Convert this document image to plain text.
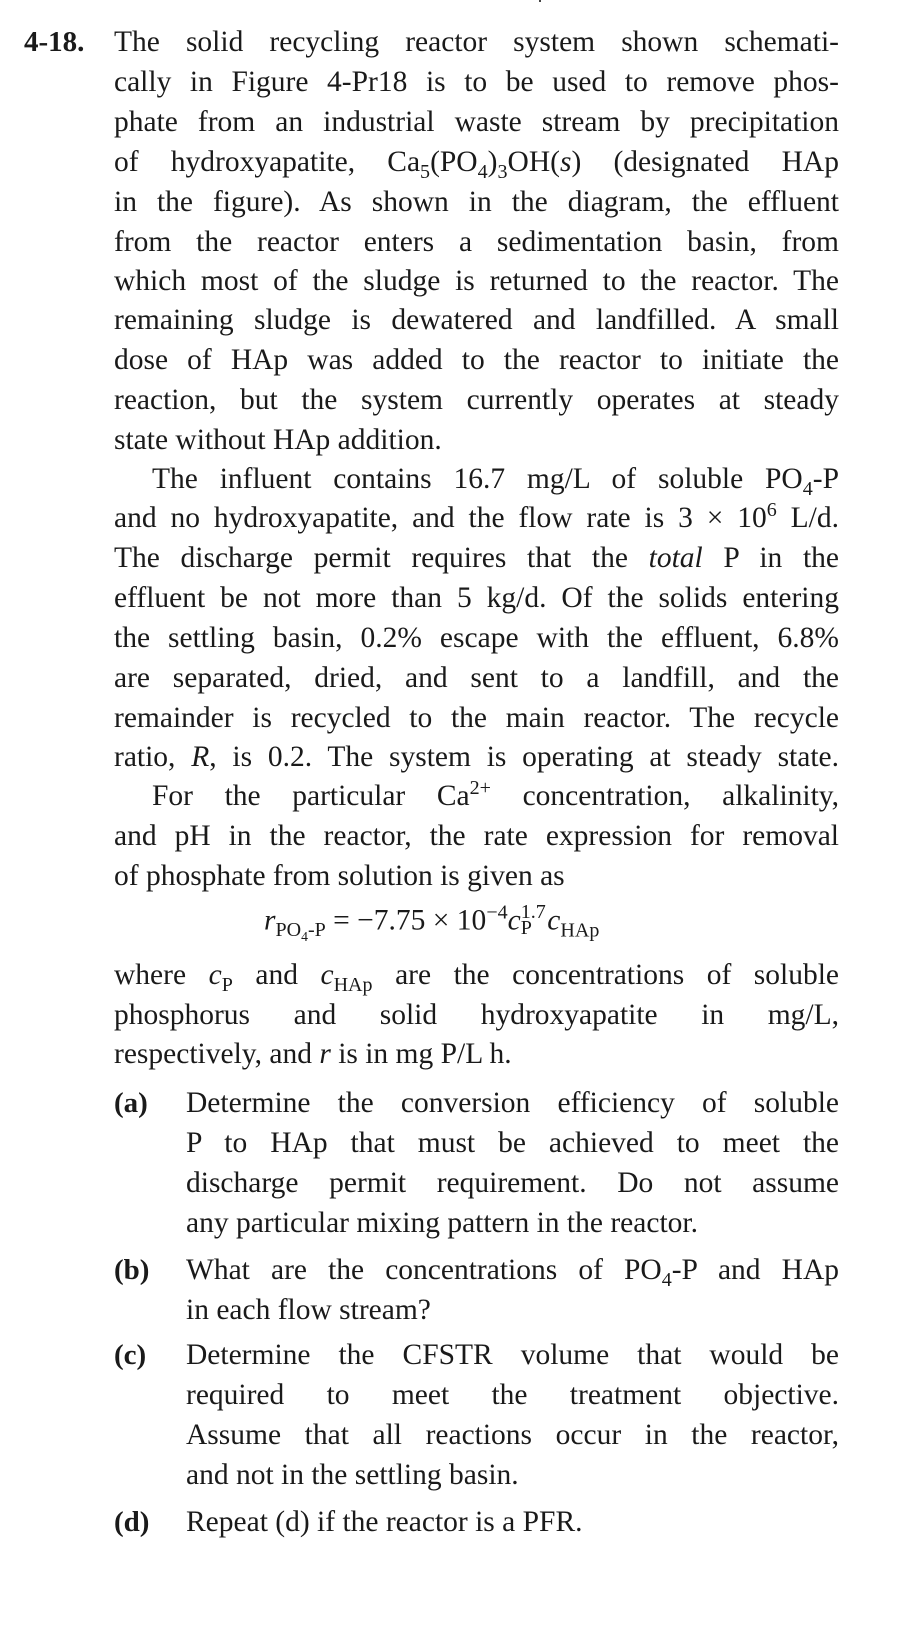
4-18. The solid recycling reactor system shown schemati-
cally in Figure 4-Pr18 is to be used to remove phos-
phate from an industrial waste stream by precipitation
of hydroxyapatite, $Ca_5(PO_4)_3OH(s)$ (designated HAp
in the figure). As shown in the diagram, the effluent
from the reactor enters a sedimentation basin, from
which most of the sludge is returned to the reactor. The
remaining sludge is dewatered and landfilled. A small
dose of HAp was added to the reactor to initiate the
reaction, but the system currently operates at steady
state without HAp addition.
The influent contains 16.7 mg/L of soluble $PO_4-P$
and no hydroxyapatite, and the flow rate is $3 \times 10^6$ L/d.
The discharge permit requires that the total P in the
effluent be not more than 5 kg/d. Of the solids entering
the settling basin, 0.2% escape with the effluent, 6.8%
are separated, dried, and sent to a landfill, and the
remainder is recycled to the main reactor. The recycle
ratio, R, is 0.2. The system is operating at steady state.
For the particular $Ca^{2+}$ concentration, alkalinity,
and pH in the reactor, the rate expression for removal
of phosphate from solution is given as
$r_{PO_4-P} = -7.75 \times 10^{-4}c$ 1.7
P $c_{HAp}$
where $c_P$ and $c_{HAp}$ are the concentrations of soluble
phosphorus and solid hydroxyapatite in mg/L,
respectively, and r is in mg P/L h.
(a) Determine the conversion efficiency of soluble
P to HAp that must be achieved to meet the
discharge permit requirement. Do not assume
any particular mixing pattern in the reactor.
(b) What are the concentrations of $PO_4-P$ and HAp
in each flow stream?
(c) Determine the CFSTR volume that would be
required to meet the treatment objective.
Assume that all reactions occur in the reactor,
and not in the settling basin.
(d) Repeat (d) if the reactor is a PFR.
